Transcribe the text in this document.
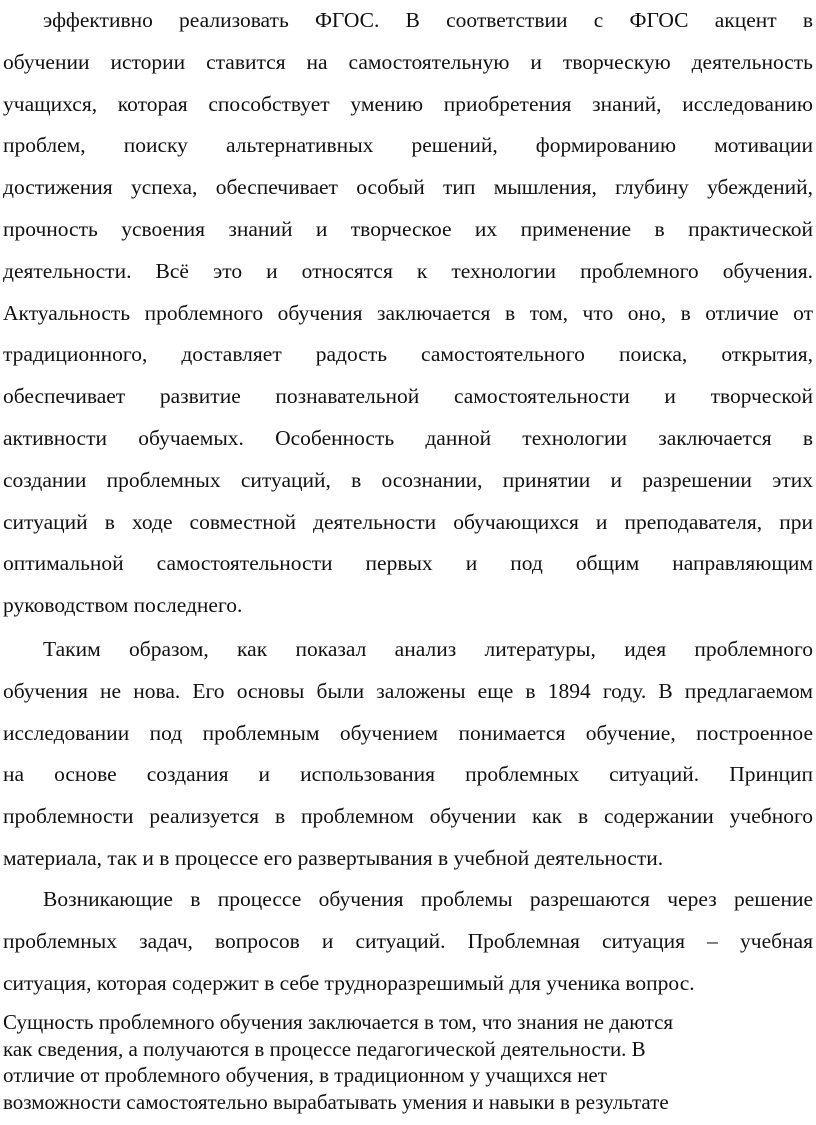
эффективно реализовать ФГОС. В соответствии с ФГОС акцент в
обучении истории ставится на самостоятельную и творческую деятельность
учащихся, которая способствует умению приобретения знаний, исследованию
проблем, поиску альтернативных решений, формированию мотивации
достижения успеха, обеспечивает особый тип мышления, глубину убеждений,
прочность усвоения знаний и творческое их применение в практической
деятельности. Всё это и относятся к технологии проблемного обучения.
Актуальность проблемного обучения заключается в том, что оно, в отличие от
традиционного, доставляет радость самостоятельного поиска, открытия,
обеспечивает развитие познавательной самостоятельности и творческой
активности обучаемых. Особенность данной технологии заключается в
создании проблемных ситуаций, в осознании, принятии и разрешении этих
ситуаций в ходе совместной деятельности обучающихся и преподавателя, при
оптимальной самостоятельности первых и под общим направляющим
руководством последнего.
Таким образом, как показал анализ литературы, идея проблемного
обучения не нова. Его основы были заложены еще в 1894 году. В предлагаемом
исследовании под проблемным обучением понимается обучение, построенное
на основе создания и использования проблемных ситуаций. Принцип
проблемности реализуется в проблемном обучении как в содержании учебного
материала, так и в процессе его развертывания в учебной деятельности.
Возникающие в процессе обучения проблемы разрешаются через решение
проблемных задач, вопросов и ситуаций. Проблемная ситуация – учебная
ситуация, которая содержит в себе трудноразрешимый для ученика вопрос.
Сущность проблемного обучения заключается в том, что знания не даются
как сведения, а получаются в процессе педагогической деятельности. В
отличие от проблемного обучения, в традиционном у учащихся нет
возможности самостоятельно вырабатывать умения и навыки в результате
